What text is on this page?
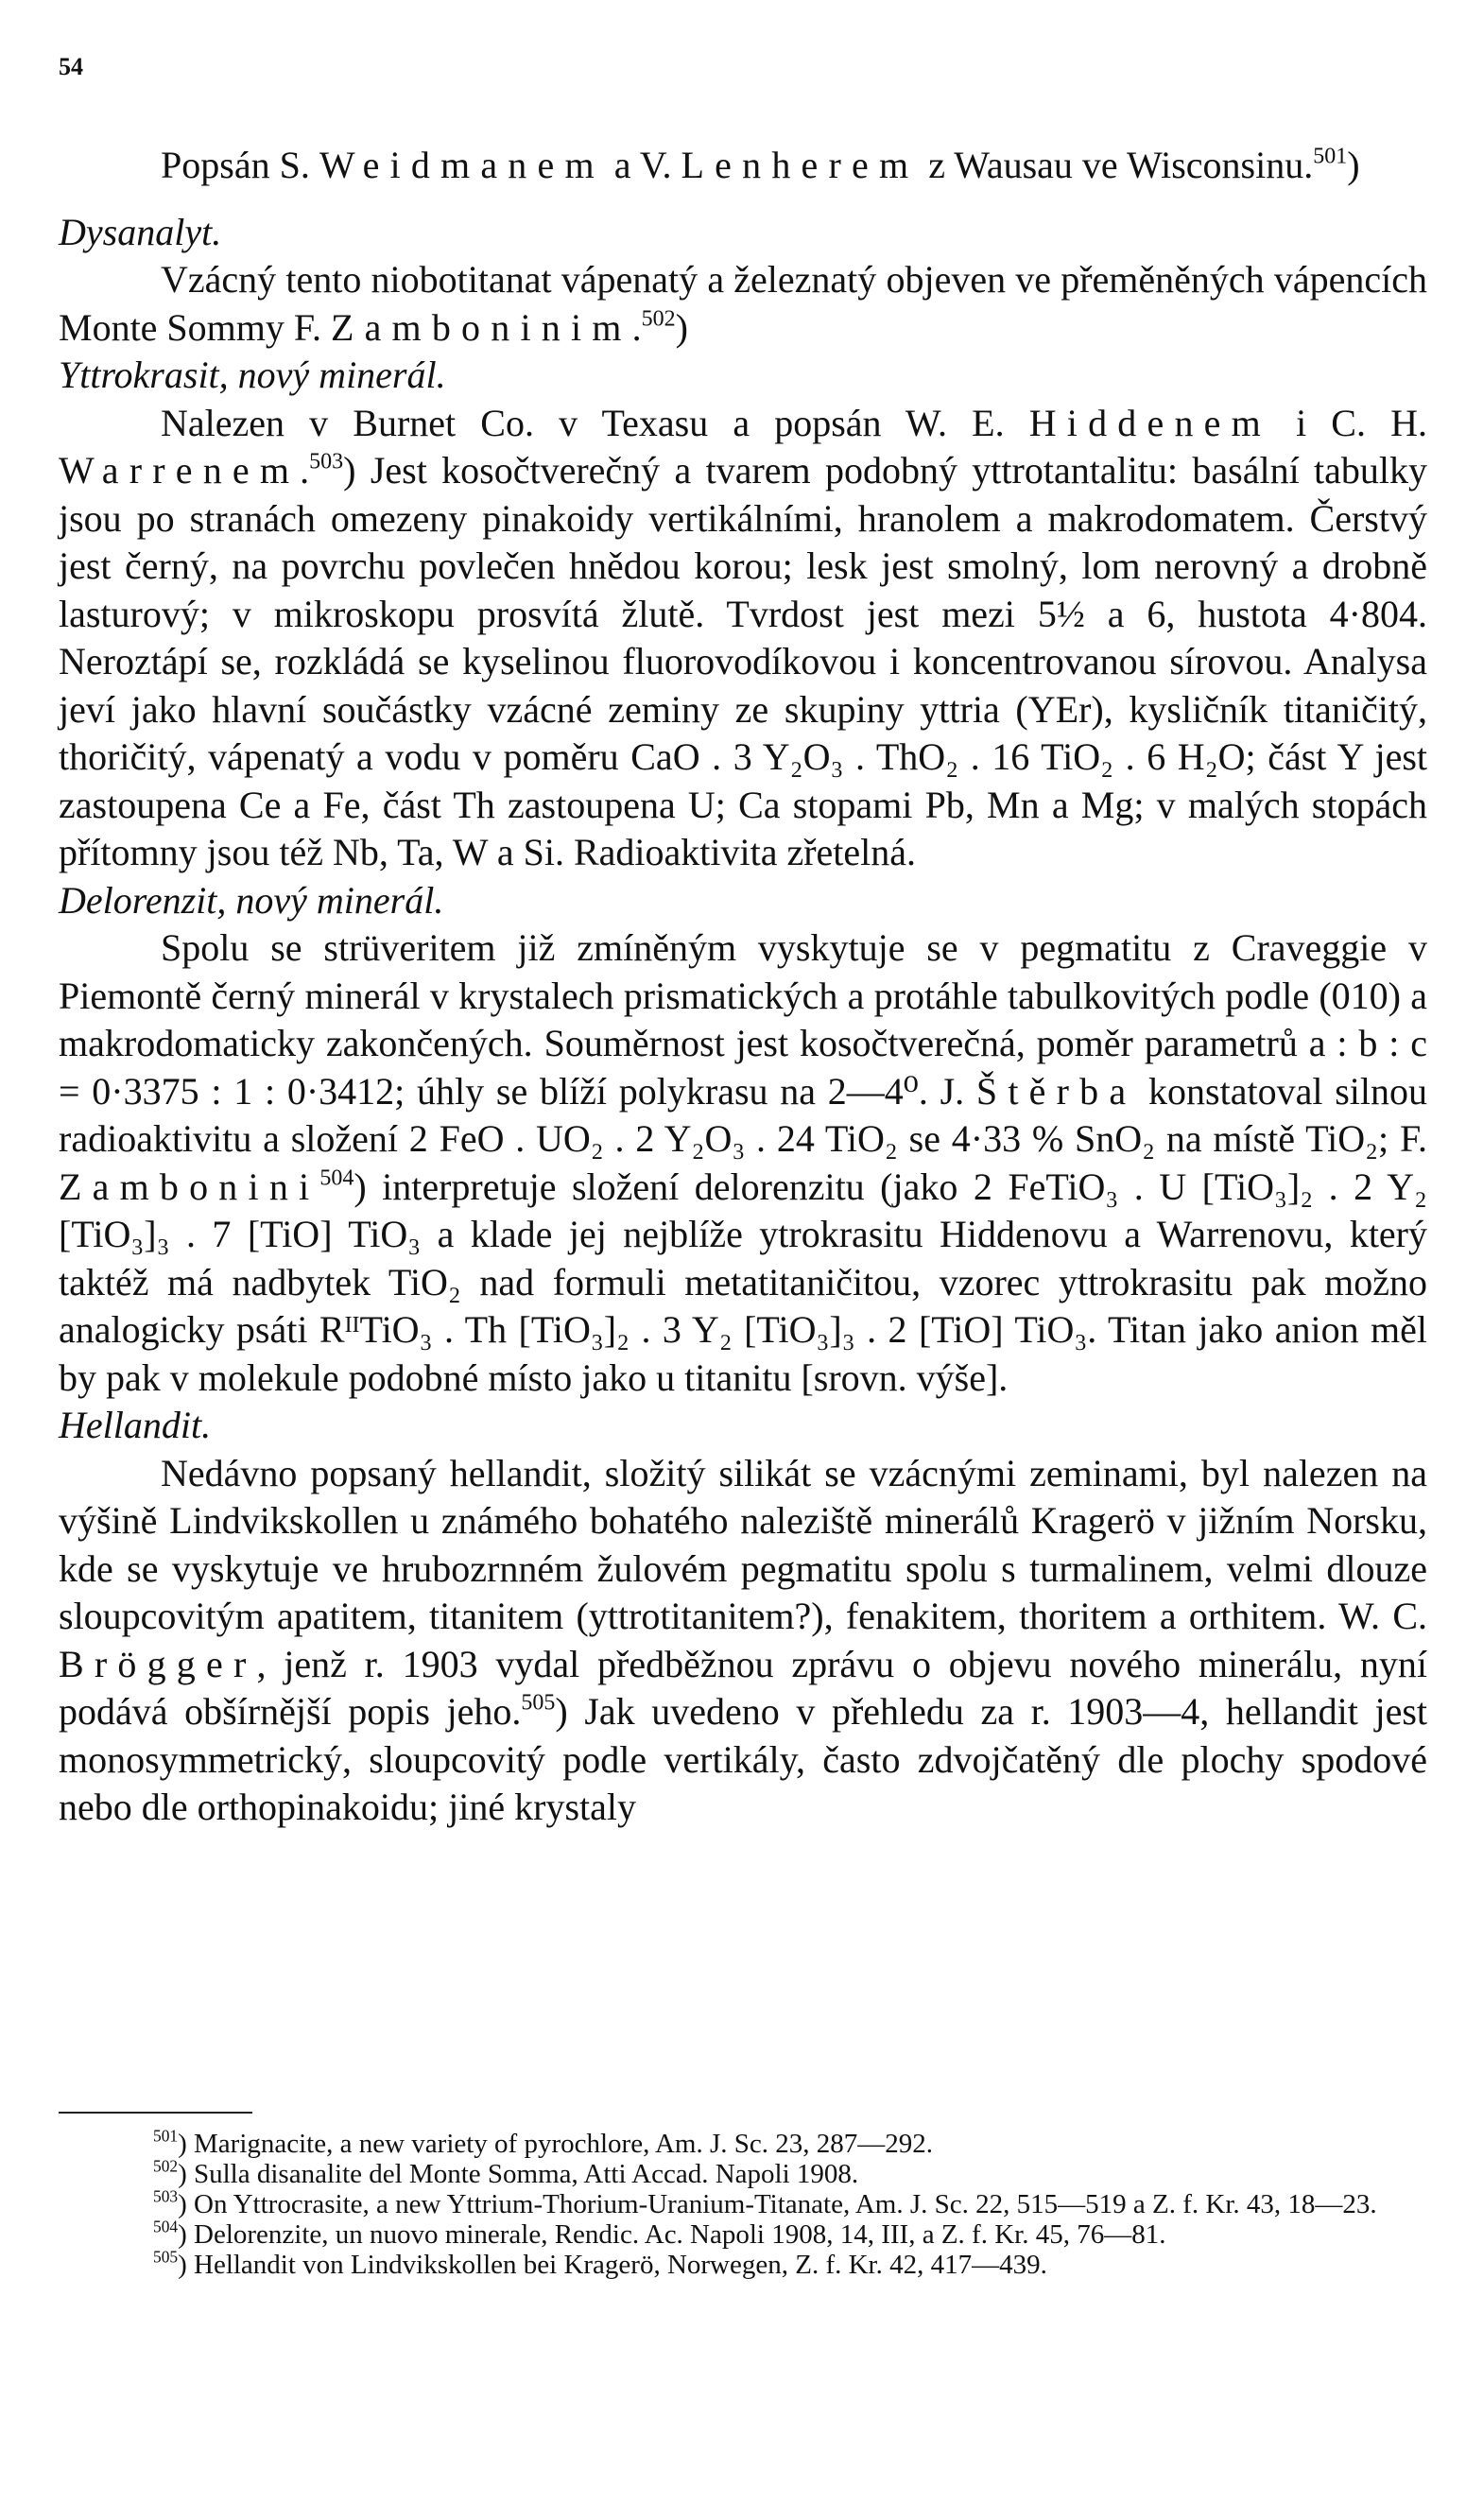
54

Popsán S. Weidmanem a V. Lenherem z Wausau ve Wisconsinu.$^{501}$)

Dysanalyt.

Vzácný tento niobotitanat vápenatý a železnatý objeven ve přeměněných vápencích Monte Sommy F. Zamboninim.$^{502}$)

Yttrokrasit, nový minerál.

Nalezen v Burnet Co. v Texasu a popsán W. E. Hiddenem i C. H. Warrenem.$^{503}$) Jest kosočtverečný a tvarem podobný yttrotantalitu: basální tabulky jsou po stranách omezeny pinakoidy vertikálními, hranolem a makrodomatem. Čerstvý jest černý, na povrchu povlečen hnědou korou; lesk jest smolný, lom nerovný a drobně lasturový; v mikroskopu prosvítá žlutě. Tvrdost jest mezi 5½ a 6, hustota 4·804. Neroztápí se, rozkládá se kyselinou fluorovodíkovou i koncentrovanou sírovou. Analysa jeví jako hlavní součástky vzácné zeminy ze skupiny yttria (YEr), kysličník titaničitý, thoričitý, vápenatý a vodu v poměru CaO . 3 Y₂O₃ . ThO₂ . 16 TiO₂ . 6 H₂O; část Y jest zastoupena Ce a Fe, část Th zastoupena U; Ca stopami Pb, Mn a Mg; v malých stopách přítomny jsou též Nb, Ta, W a Si. Radioaktivita zřetelná.

Delorenzit, nový minerál.

Spolu se strüveritem již zmíněným vyskytuje se v pegmatitu z Craveggie v Piemontě černý minerál v krystalech prismatických a protáhle tabulkovitých podle (010) a makrodomaticky zakončených. Souměrnost jest kosočtverečná, poměr parametrů a : b : c = 0·3375 : 1 : 0·3412; úhly se blíží polykrasu na 2—4⁰. J. Štěrba konstatoval silnou radioaktivitu a složení 2 FeO . UO₂ . 2 Y₂O₃ . 24 TiO₂ se 4·33 % SnO₂ na místě TiO₂; F. Zamboninі$^{504}$) interpretuje složení delorenzitu (jako 2 FeTiO₃ . U [TiO₃]₂ . 2 Y₂ [TiO₃]₃ . 7 [TiO] TiO₃ a klade jej nejblíže ytrokrasitu Hiddenovu a Warrenovu, který taktéž má nadbytek TiO₂ nad formuli metatitaničitou, vzorec yttrokrasitu pak možno analogicky psáti RᴵᴵTiO₃ . Th [TiO₃]₂ . 3 Y₂ [TiO₃]₃ . 2 [TiO] TiO₃. Titan jako anion měl by pak v molekule podobné místo jako u titanitu [srovn. výše].

Hellandit.

Nedávno popsaný hellandit, složitý silikát se vzácnými zeminami, byl nalezen na výšině Lindvikskollen u známého bohatého naleziště minerálů Kragerö v jižním Norsku, kde se vyskytuje ve hrubozrnném žulovém pegmatitu spolu s turmalinem, velmi dlouze sloupcovitým apatitem, titanitem (yttrotitanitem?), fenakitem, thoritem a orthitem. W. C. Brögger, jenž r. 1903 vydal předběžnou zprávu o objevu nového minerálu, nyní podává obšírnější popis jeho.$^{505}$) Jak uvedeno v přehledu za r. 1903—4, hellandit jest monosymmetrický, sloupcovitý podle vertikály, často zdvojčatěný dle plochy spodové nebo dle orthopinakoidu; jiné krystaly

$^{501}$) Marignacite, a new variety of pyrochlore, Am. J. Sc. 23, 287—292.

$^{502}$) Sulla disanalite del Monte Somma, Atti Accad. Napoli 1908.

$^{503}$) On Yttrocrasite, a new Yttrium-Thorium-Uranium-Titanate, Am. J. Sc. 22, 515—519 a Z. f. Kr. 43, 18—23.

$^{504}$) Delorenzite, un nuovo minerale, Rendic. Ac. Napoli 1908, 14, III, a Z. f. Kr. 45, 76—81.

$^{505}$) Hellandit von Lindvikskollen bei Kragerö, Norwegen, Z. f. Kr. 42, 417—439.
